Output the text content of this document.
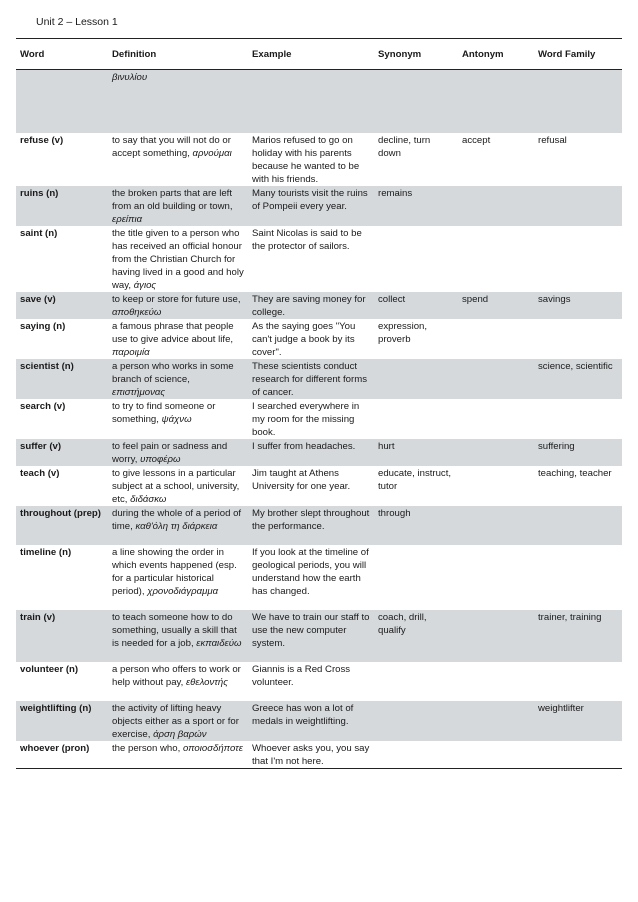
Unit 2 – Lesson 1
Word	Definition	Example	Synonym	Antonym	Word Family
	βινυλίου				
refuse (v)	to say that you will not do or accept something, αρνούμαι	Marios refused to go on holiday with his parents because he wanted to be with his friends.	decline, turn down	accept	refusal
ruins (n)	the broken parts that are left from an old building or town, ερείπια	Many tourists visit the ruins of Pompeii every year.	remains		
saint (n)	the title given to a person who has received an official honour from the Christian Church for having lived in a good and holy way, άγιος	Saint Nicolas is said to be the protector of sailors.			
save (v)	to keep or store for future use, αποθηκεύω	They are saving money for college.	collect	spend	savings
saying (n)	a famous phrase that people use to give advice about life, παροιμία	As the saying goes "You can't judge a book by its cover".	expression, proverb		
scientist (n)	a person who works in some branch of science, επιστήμονας	These scientists conduct research for different forms of cancer.			science, scientific
search (v)	to try to find someone or something, ψάχνω	I searched everywhere in my room for the missing book.			
suffer (v)	to feel pain or sadness and worry, υποφέρω	I suffer from headaches.	hurt		suffering
teach (v)	to give lessons in a particular subject at a school, university, etc, διδάσκω	Jim taught at Athens University for one year.	educate, instruct, tutor		teaching, teacher
throughout (prep)	during the whole of a period of time, καθ'όλη τη διάρκεια	My brother slept throughout the performance.	through		
timeline (n)	a line showing the order in which events happened (esp. for a particular historical period), χρονοδιάγραμμα	If you look at the timeline of geological periods, you will understand how the earth has changed.			
train (v)	to teach someone how to do something, usually a skill that is needed for a job, εκπαιδεύω	We have to train our staff to use the new computer system.	coach, drill, qualify		trainer, training
volunteer (n)	a person who offers to work or help without pay, εθελοντής	Giannis is a Red Cross volunteer.			
weightlifting (n)	the activity of lifting heavy objects either as a sport or for exercise, άρση βαρών	Greece has won a lot of medals in weightlifting.			weightlifter
whoever (pron)	the person who, οποιοσδήποτε	Whoever asks you, you say that I'm not here.			
